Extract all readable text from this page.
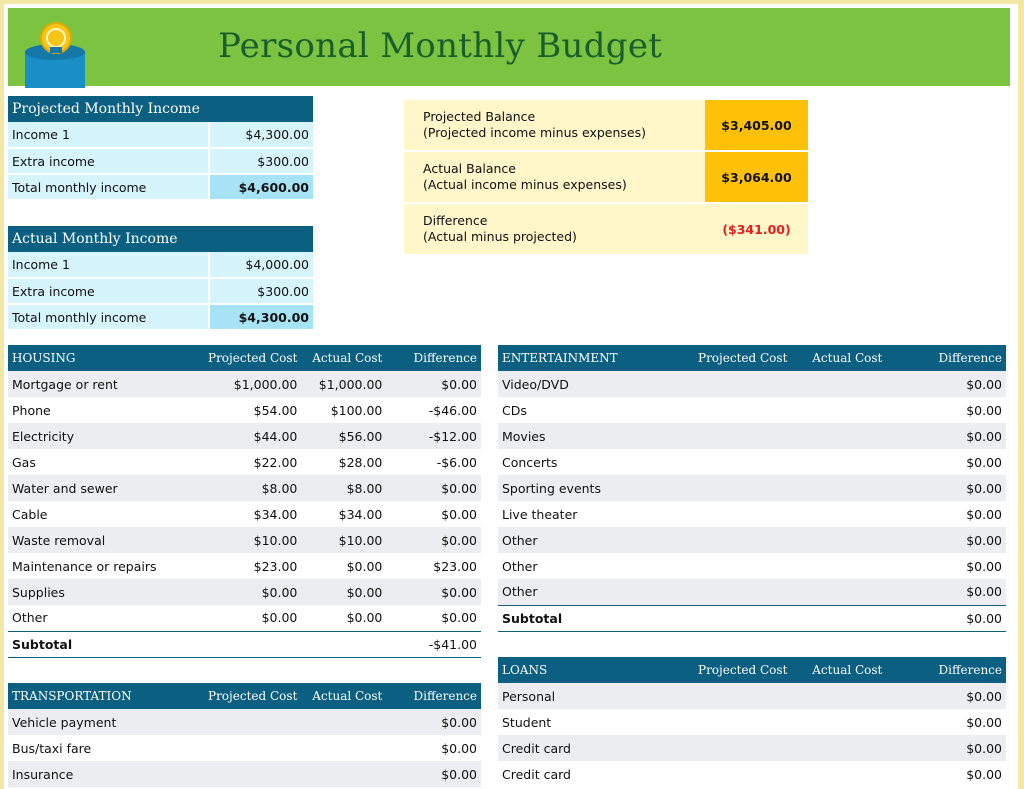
Personal Monthly Budget
Projected Monthly Income	
Income 1	$4,300.00
Extra income	$300.00
Total monthly income	$4,600.00
Actual Monthly Income	
Income 1	$4,000.00
Extra income	$300.00
Total monthly income	$4,300.00
Projected Balance
(Projected income minus expenses)	$3,405.00
Actual Balance
(Actual income minus expenses)	$3,064.00
Difference
(Actual minus projected)	($341.00)
HOUSING	Projected Cost	Actual Cost	Difference
Mortgage or rent	$1,000.00	$1,000.00	$0.00
Phone	$54.00	$100.00	-$46.00
Electricity	$44.00	$56.00	-$12.00
Gas	$22.00	$28.00	-$6.00
Water and sewer	$8.00	$8.00	$0.00
Cable	$34.00	$34.00	$0.00
Waste removal	$10.00	$10.00	$0.00
Maintenance or repairs	$23.00	$0.00	$23.00
Supplies	$0.00	$0.00	$0.00
Other	$0.00	$0.00	$0.00
Subtotal			-$41.00
TRANSPORTATION	Projected Cost	Actual Cost	Difference
Vehicle payment			$0.00
Bus/taxi fare			$0.00
Insurance			$0.00
ENTERTAINMENT	Projected Cost	Actual Cost	Difference
Video/DVD			$0.00
CDs			$0.00
Movies			$0.00
Concerts			$0.00
Sporting events			$0.00
Live theater			$0.00
Other			$0.00
Other			$0.00
Other			$0.00
Subtotal			$0.00
LOANS	Projected Cost	Actual Cost	Difference
Personal			$0.00
Student			$0.00
Credit card			$0.00
Credit card			$0.00
